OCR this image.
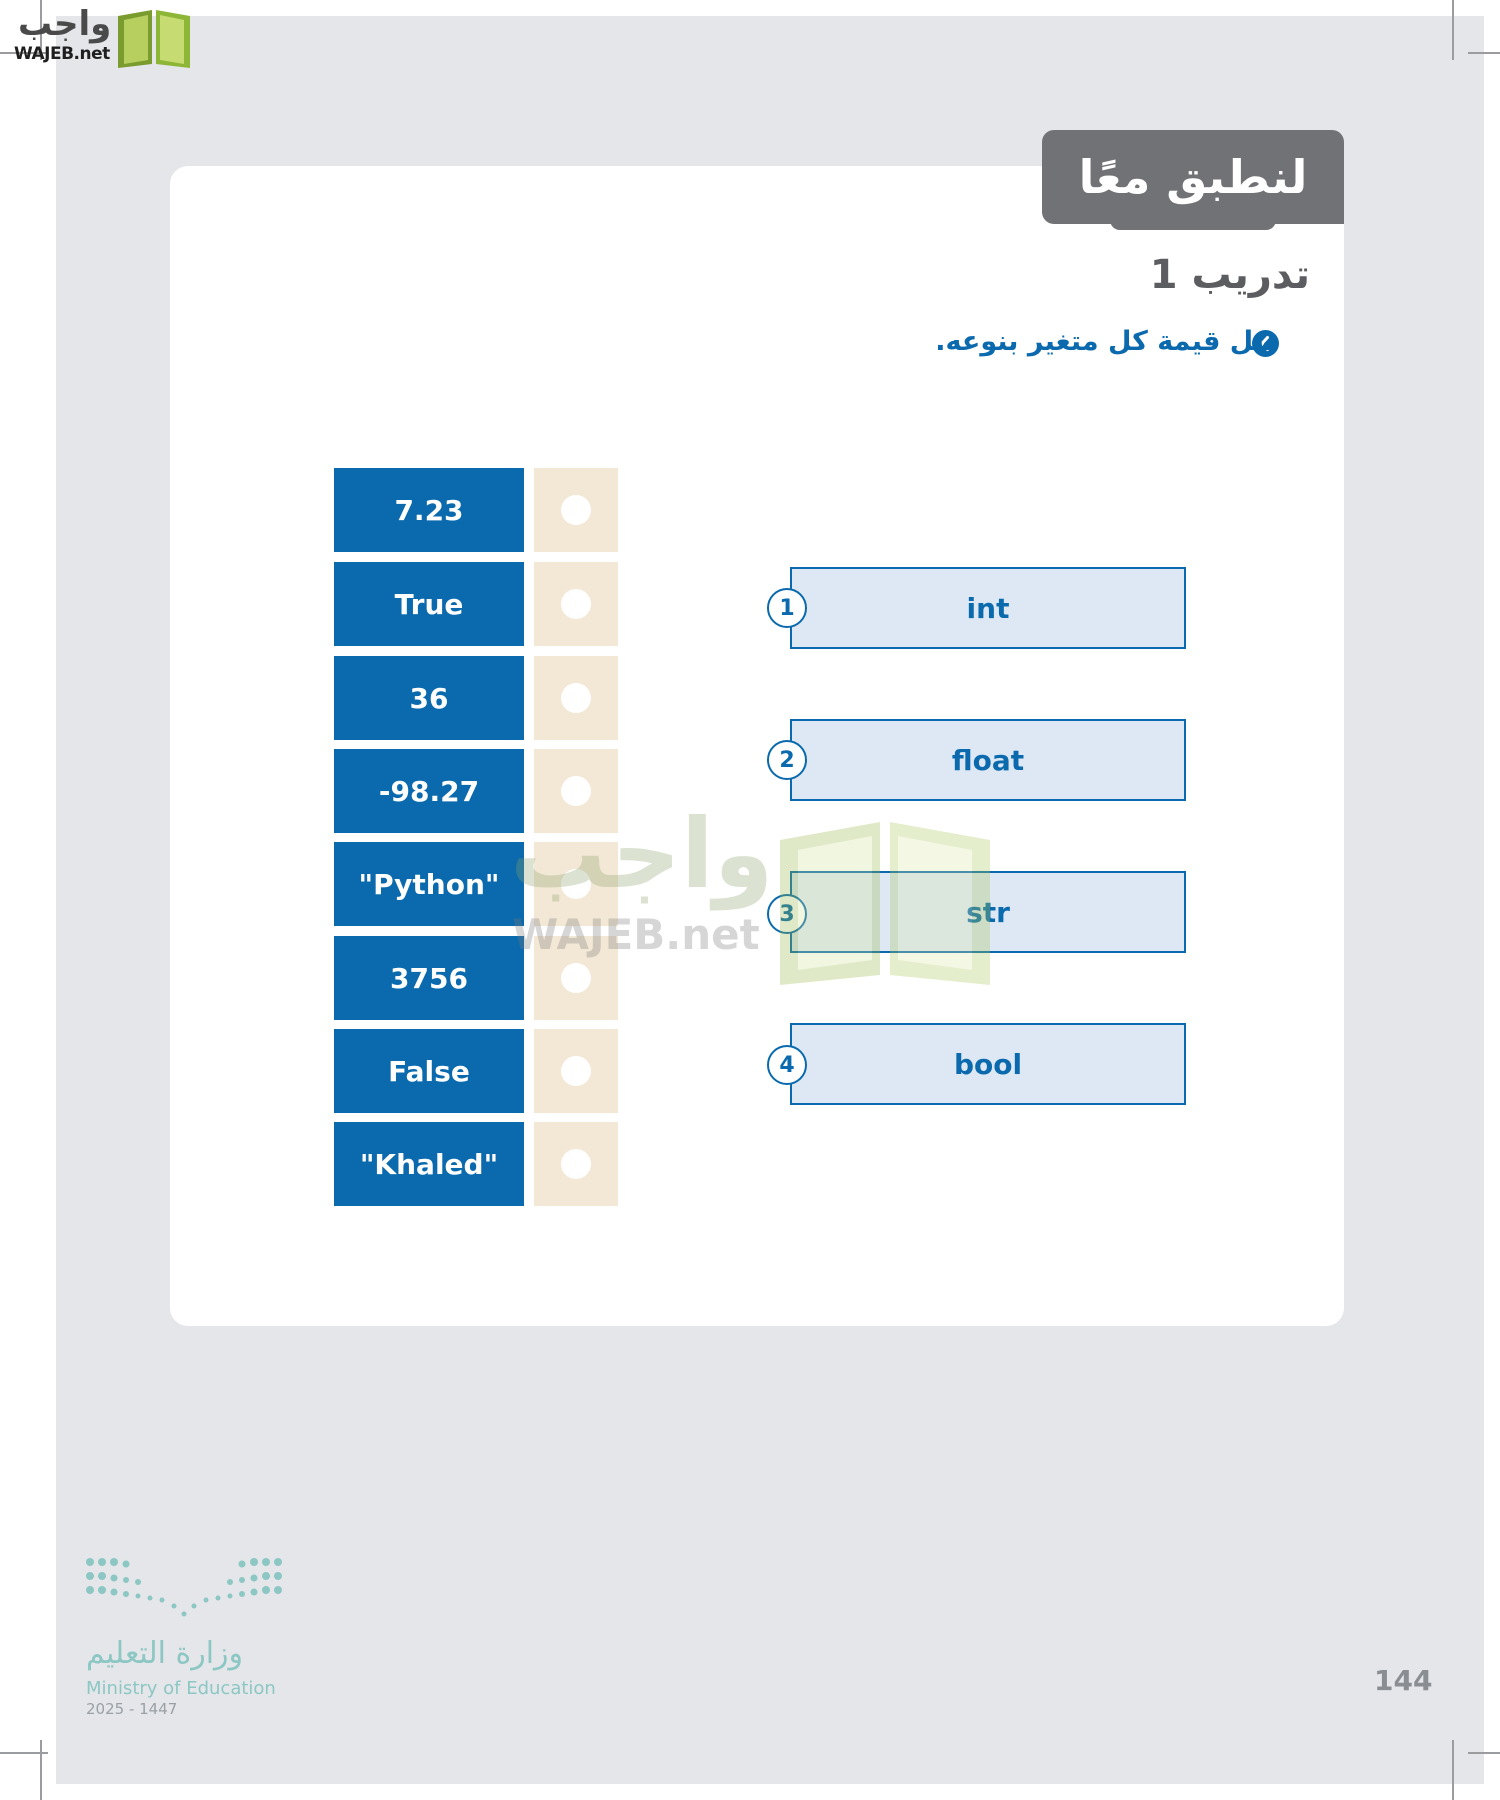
واجب
WAJEB.net
لنطبق معًا
تدريب 1
صل قيمة كل متغير بنوعه.
7.23
True
36
-98.27
"Python"
3756
False
"Khaled"
int
1
float
2
str
3
bool
4
واجب
WAJEB.net
وزارة التعليم
Ministry of Education
2025 - 1447
144
